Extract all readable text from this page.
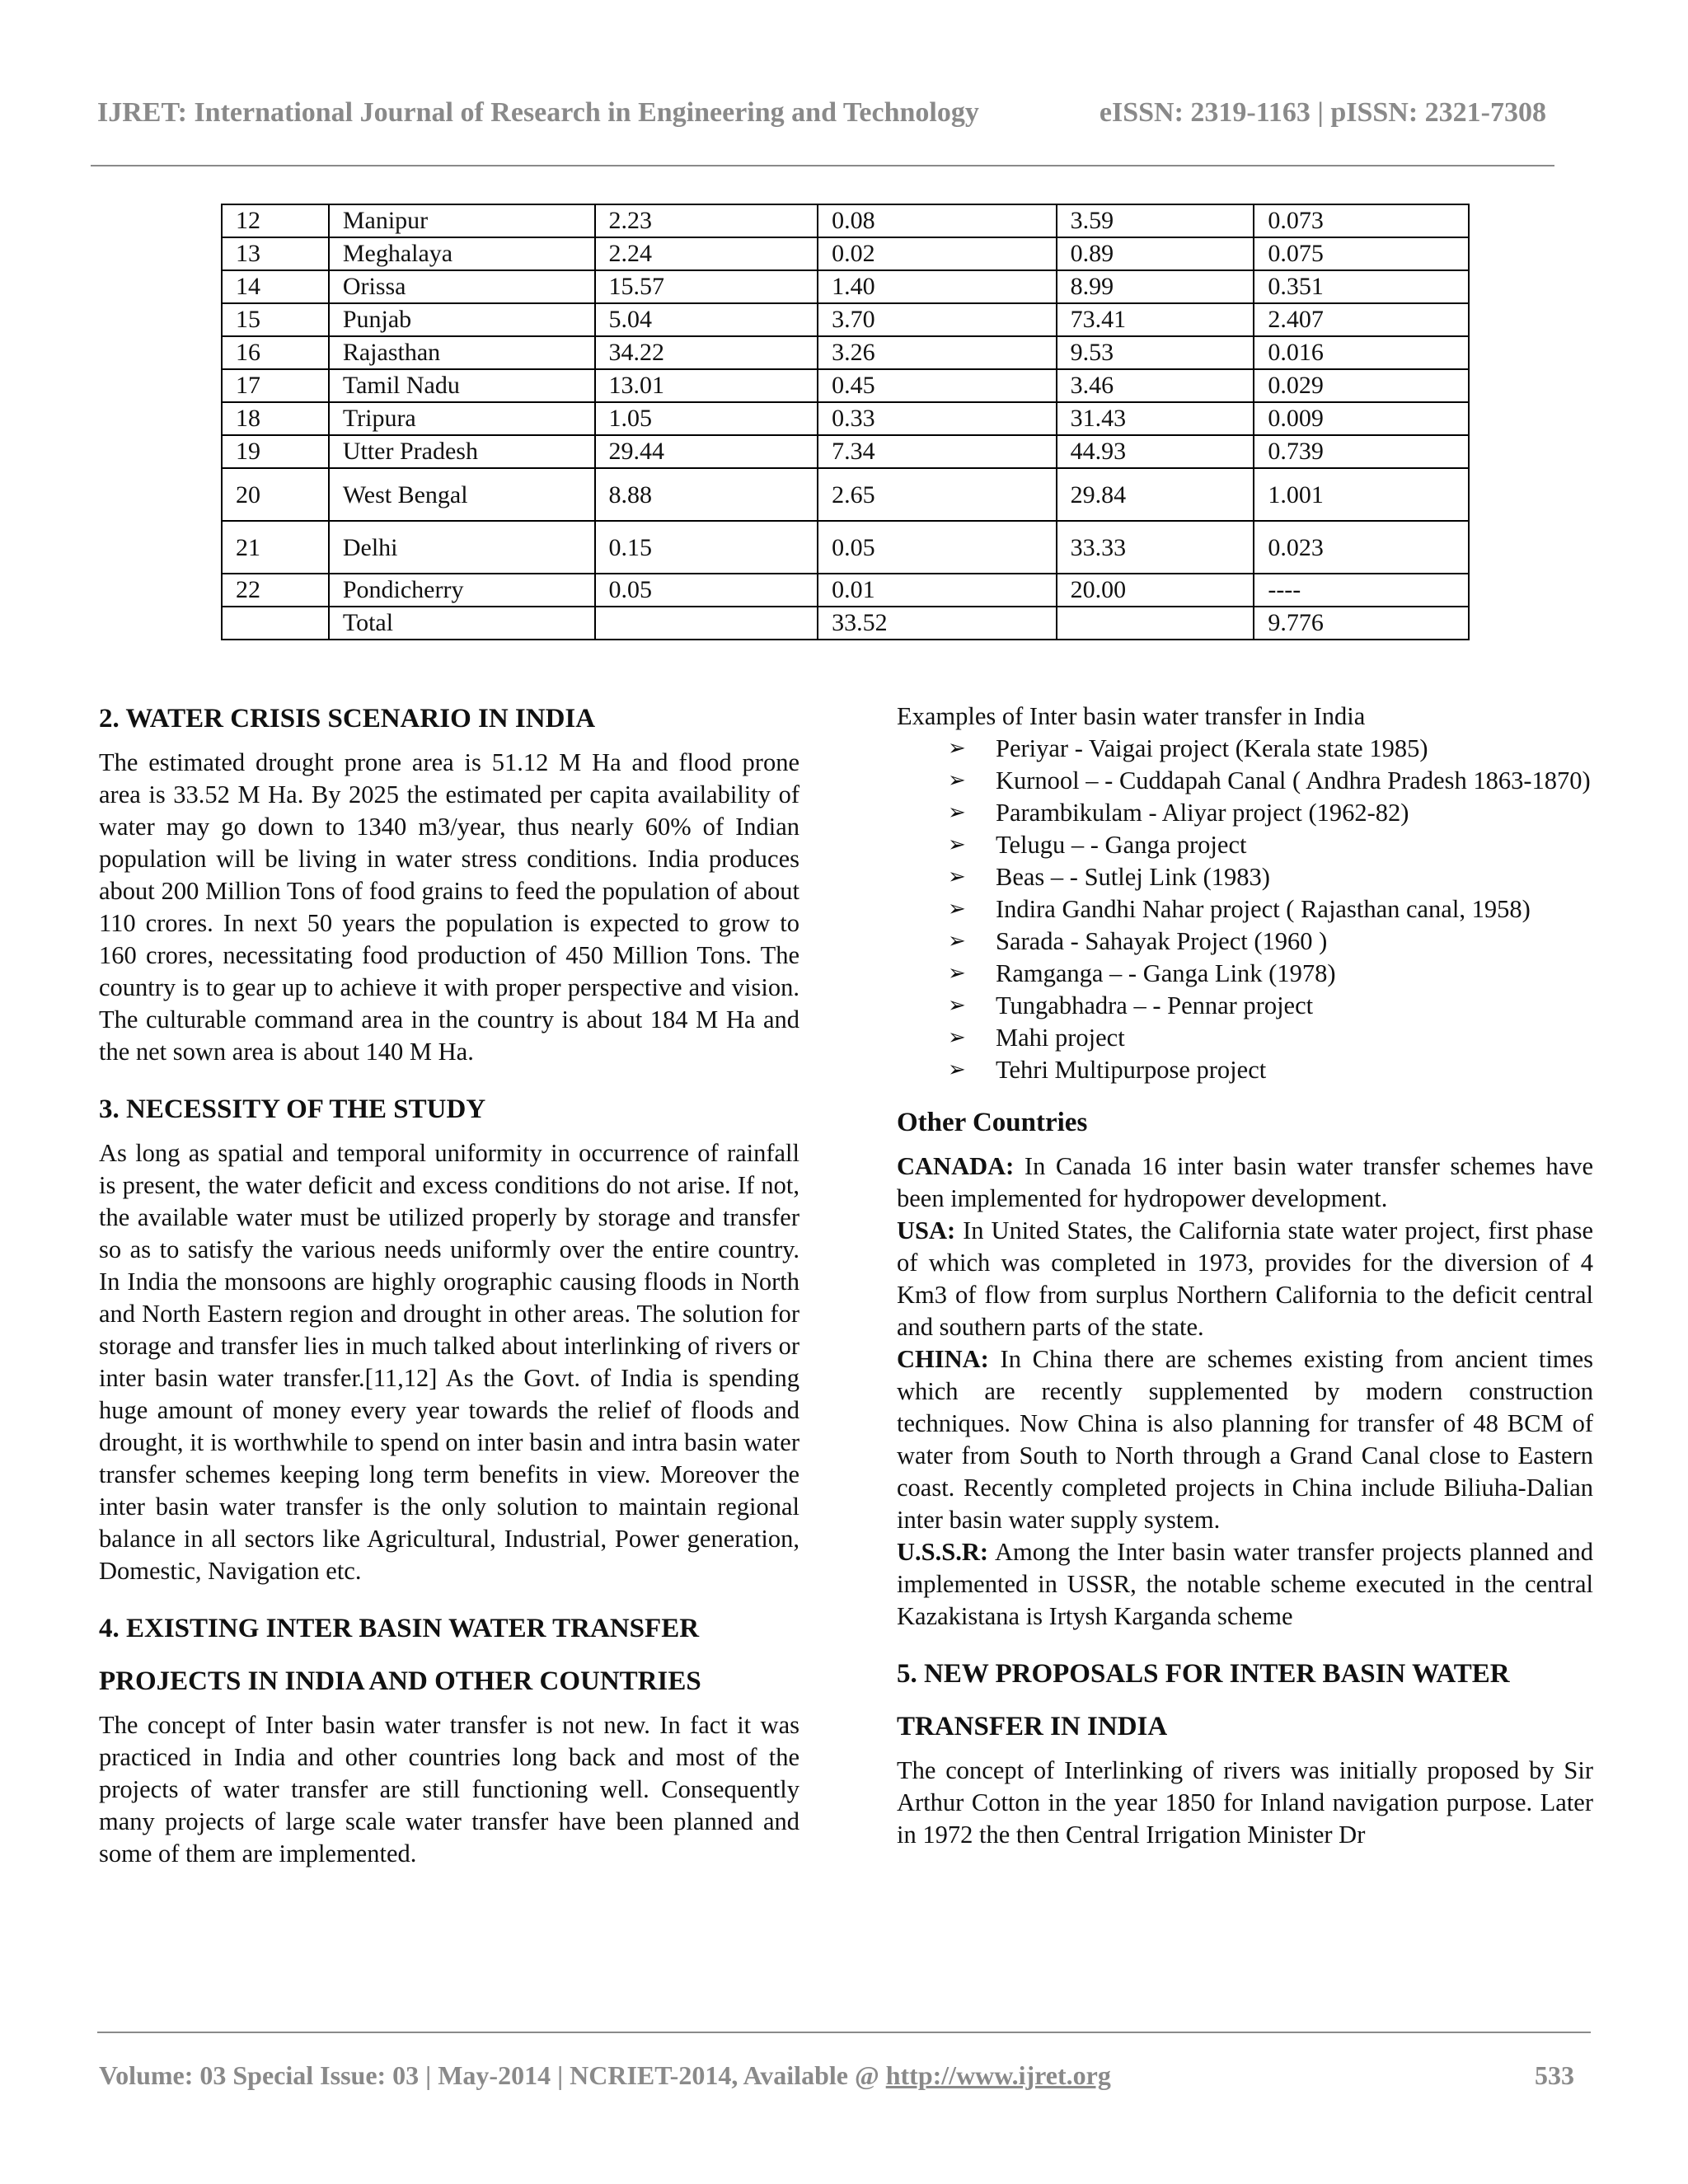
IJRET: International Journal of Research in Engineering and Technology	eISSN: 2319-1163 | pISSN: 2321-7308
12	Manipur	2.23	0.08	3.59	0.073
13	Meghalaya	2.24	0.02	0.89	0.075
14	Orissa	15.57	1.40	8.99	0.351
15	Punjab	5.04	3.70	73.41	2.407
16	Rajasthan	34.22	3.26	9.53	0.016
17	Tamil Nadu	13.01	0.45	3.46	0.029
18	Tripura	1.05	0.33	31.43	0.009
19	Utter Pradesh	29.44	7.34	44.93	0.739
20	West Bengal	8.88	2.65	29.84	1.001
21	Delhi	0.15	0.05	33.33	0.023
22	Pondicherry	0.05	0.01	20.00	----
	Total		33.52		9.776
2. WATER CRISIS SCENARIO IN INDIA

The estimated drought prone area is 51.12 M Ha and flood prone area is 33.52 M Ha. By 2025 the estimated per capita availability of water may go down to 1340 m3/year, thus nearly 60% of Indian population will be living in water stress conditions. India produces about 200 Million Tons of food grains to feed the population of about 110 crores. In next 50 years the population is expected to grow to 160 crores, necessitating food production of 450 Million Tons. The country is to gear up to achieve it with proper perspective and vision. The culturable command area in the country is about 184 M Ha and the net sown area is about 140 M Ha.

3. NECESSITY OF THE STUDY

As long as spatial and temporal uniformity in occurrence of rainfall is present, the water deficit and excess conditions do not arise. If not, the available water must be utilized properly by storage and transfer so as to satisfy the various needs uniformly over the entire country. In India the monsoons are highly orographic causing floods in North and North Eastern region and drought in other areas. The solution for storage and transfer lies in much talked about interlinking of rivers or inter basin water transfer.[11,12] As the Govt. of India is spending huge amount of money every year towards the relief of floods and drought, it is worthwhile to spend on inter basin and intra basin water transfer schemes keeping long term benefits in view. Moreover the inter basin water transfer is the only solution to maintain regional balance in all sectors like Agricultural, Industrial, Power generation, Domestic, Navigation etc.

4. EXISTING INTER BASIN WATER TRANSFER
PROJECTS IN INDIA AND OTHER COUNTRIES

The concept of Inter basin water transfer is not new. In fact it was practiced in India and other countries long back and most of the projects of water transfer are still functioning well. Consequently many projects of large scale water transfer have been planned and some of them are implemented.

Examples of Inter basin water transfer in India

➢ Periyar - Vaigai project (Kerala state 1985)
➢ Kurnool – - Cuddapah Canal ( Andhra Pradesh 1863-1870)
➢ Parambikulam - Aliyar project (1962-82)
➢ Telugu – - Ganga project
➢ Beas – - Sutlej Link (1983)
➢ Indira Gandhi Nahar project ( Rajasthan canal, 1958)
➢ Sarada - Sahayak Project (1960 )
➢ Ramganga – - Ganga Link (1978)
➢ Tungabhadra – - Pennar project
➢ Mahi project
➢ Tehri Multipurpose project
Other Countries

CANADA: In Canada 16 inter basin water transfer schemes have been implemented for hydropower development.

USA: In United States, the California state water project, first phase of which was completed in 1973, provides for the diversion of 4 Km3 of flow from surplus Northern California to the deficit central and southern parts of the state.

CHINA: In China there are schemes existing from ancient times which are recently supplemented by modern construction techniques. Now China is also planning for transfer of 48 BCM of water from South to North through a Grand Canal close to Eastern coast. Recently completed projects in China include Biliuha-Dalian inter basin water supply system.

U.S.S.R: Among the Inter basin water transfer projects planned and implemented in USSR, the notable scheme executed in the central Kazakistana is Irtysh Karganda scheme

5. NEW PROPOSALS FOR INTER BASIN WATER
TRANSFER IN INDIA

The concept of Interlinking of rivers was initially proposed by Sir Arthur Cotton in the year 1850 for Inland navigation purpose. Later in 1972 the then Central Irrigation Minister Dr

Volume: 03 Special Issue: 03 | May-2014 | NCRIET-2014, Available @ http://www.ijret.org	533
